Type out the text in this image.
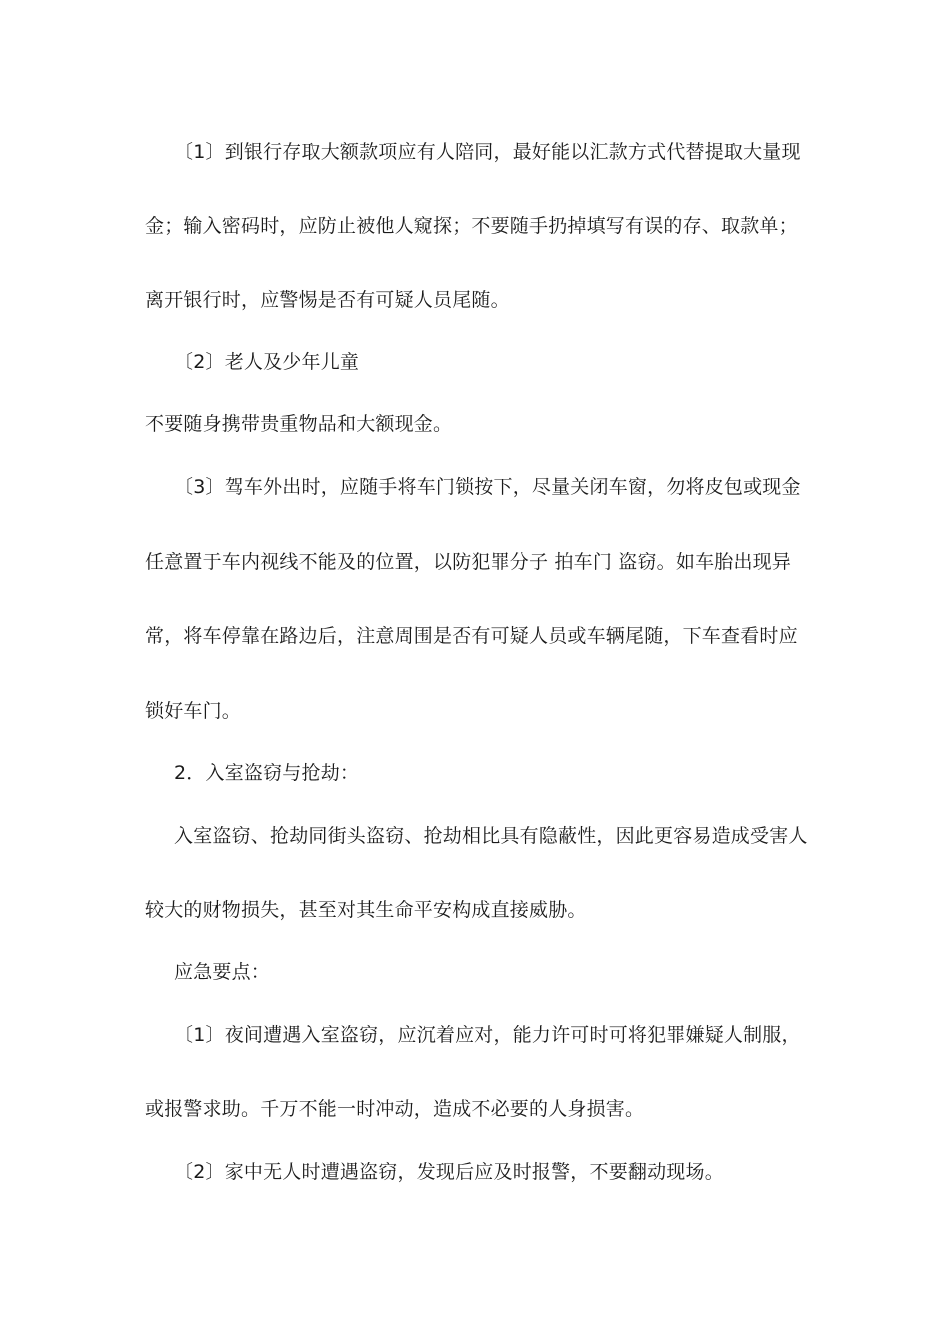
〔1〕到银行存取大额款项应有人陪同，最好能以汇款方式代替提取大量现
金；输入密码时，应防止被他人窥探；不要随手扔掉填写有误的存、取款单；
离开银行时，应警惕是否有可疑人员尾随。
〔2〕老人及少年儿童
不要随身携带贵重物品和大额现金。
〔3〕驾车外出时，应随手将车门锁按下，尽量关闭车窗，勿将皮包或现金
任意置于车内视线不能及的位置，以防犯罪分子 拍车门 盗窃。如车胎出现异
常，将车停靠在路边后，注意周围是否有可疑人员或车辆尾随，下车查看时应
锁好车门。
2．入室盗窃与抢劫：
入室盗窃、抢劫同街头盗窃、抢劫相比具有隐蔽性，因此更容易造成受害人
较大的财物损失，甚至对其生命平安构成直接威胁。
应急要点：
〔1〕夜间遭遇入室盗窃，应沉着应对，能力许可时可将犯罪嫌疑人制服，
或报警求助。千万不能一时冲动，造成不必要的人身损害。
〔2〕家中无人时遭遇盗窃，发现后应及时报警，不要翻动现场。
